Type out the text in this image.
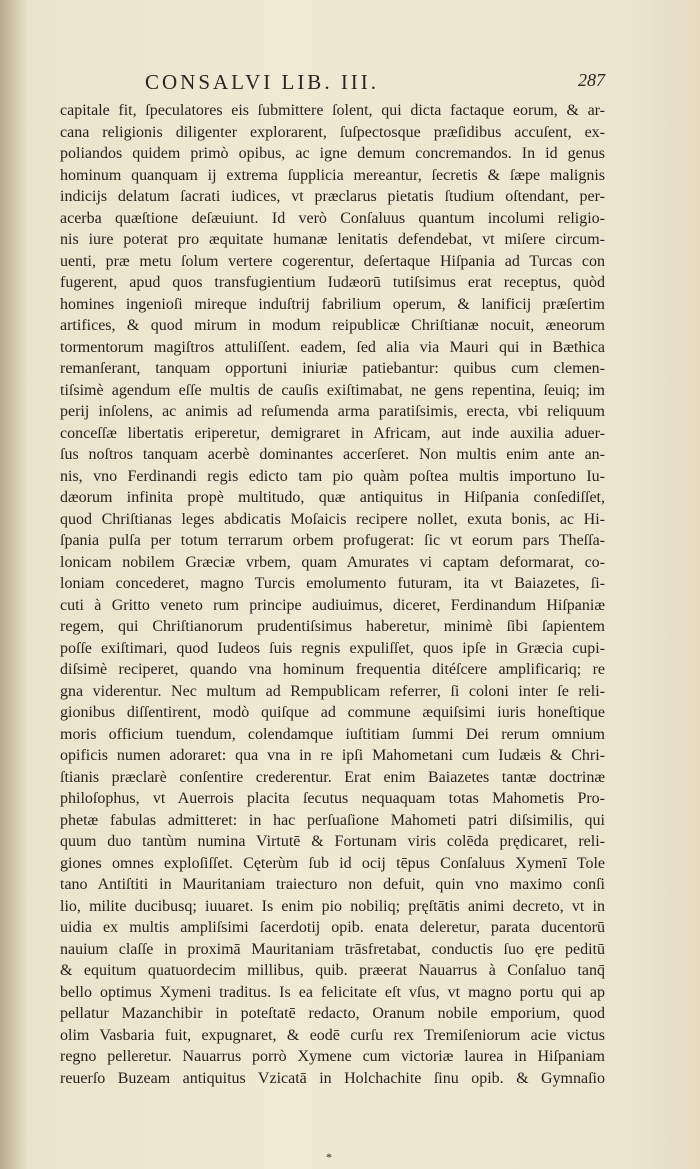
CONSALVI LIB. III.	287
capitale fit, ſpeculatores eis ſubmittere ſolent, qui dicta factaque eorum, & ar-
cana religionis diligenter explorarent, ſuſpectosque præſidibus accuſent, ex-
poliandos quidem primò opibus, ac igne demum concremandos. In id genus
hominum quanquam ij extrema ſupplicia mereantur, ſecretis & ſæpe malignis
indicijs delatum ſacrati iudices, vt præclarus pietatis ſtudium oſtendant, per-
acerba quæſtione deſæuiunt. Id verò Conſaluus quantum incolumi religio-
nis iure poterat pro æquitate humanæ lenitatis defendebat, vt miſere circum-
uenti, præ metu ſolum vertere cogerentur, deſertaque Hiſpania ad Turcas con
fugerent, apud quos transfugientium Iudæorū tutiſsimus erat receptus, quòd
homines ingenioſi mireque induſtrij fabrilium operum, & lanificij præſertim
artifices, & quod mirum in modum reipublicæ Chriſtianæ nocuit, æneorum
tormentorum magiſtros attuliſſent. eadem, ſed alia via Mauri qui in Bæthica
remanſerant, tanquam opportuni iniuriæ patiebantur: quibus cum clemen-
tiſsimè agendum eſſe multis de cauſis exiſtimabat, ne gens repentina, ſeuiq; im
perij inſolens, ac animis ad reſumenda arma paratiſsimis, erecta, vbi reliquum
conceſſæ libertatis eriperetur, demigraret in Africam, aut inde auxilia aduer-
ſus noſtros tanquam acerbè dominantes accerſeret. Non multis enim ante an-
nis, vno Ferdinandi regis edicto tam pio quàm poſtea multis importuno Iu-
dæorum infinita propè multitudo, quæ antiquitus in Hiſpania conſediſſet,
quod Chriſtianas leges abdicatis Moſaicis recipere nollet, exuta bonis, ac Hi-
ſpania pulſa per totum terrarum orbem profugerat: ſic vt eorum pars Theſſa-
lonicam nobilem Græciæ vrbem, quam Amurates vi captam deformarat, co-
loniam concederet, magno Turcis emolumento futuram, ita vt Baiazetes, ſi-
cuti à Gritto veneto rum principe audiuimus, diceret, Ferdinandum Hiſpaniæ
regem, qui Chriſtianorum prudentiſsimus haberetur, minimè ſibi ſapientem
poſſe exiſtimari, quod Iudeos ſuis regnis expuliſſet, quos ipſe in Græcia cupi-
diſsimè reciperet, quando vna hominum frequentia ditéſcere amplificariq; re
gna viderentur. Nec multum ad Rempublicam referrer, ſi coloni inter ſe reli-
gionibus diſſentirent, modò quiſque ad commune æquiſsimi iuris honeſtique
moris officium tuendum, colendamque iuſtitiam ſummi Dei rerum omnium
opificis numen adoraret: qua vna in re ipſi Mahometani cum Iudæis & Chri-
ſtianis præclarè conſentire crederentur. Erat enim Baiazetes tantæ doctrinæ
philoſophus, vt Auerrois placita ſecutus nequaquam totas Mahometis Pro-
phetæ fabulas admitteret: in hac perſuaſione Mahometi patri diſsimilis, qui
quum duo tantùm numina Virtutē & Fortunam viris colēda prędicaret, reli-
giones omnes exploſiſſet. Cęterùm ſub id ocij tēpus Conſaluus Xymenī Tole
tano Antiſtiti in Mauritaniam traiecturo non defuit, quin vno maximo conſi
lio, milite ducibusq; iuuaret. Is enim pio nobiliq; pręſtātis animi decreto, vt in
uidia ex multis ampliſsimi ſacerdotij opib. enata deleretur, parata ducentorū
nauium claſſe in proximā Mauritaniam trāsfretabat, conductis ſuo ęre peditū
& equitum quatuordecim millibus, quib. præerat Nauarrus à Conſaluo tanq̄
bello optimus Xymeni traditus. Is ea felicitate eſt vſus, vt magno portu qui ap
pellatur Mazanchibir in poteſtatē redacto, Oranum nobile emporium, quod
olim Vasbaria fuit, expugnaret, & eodē curſu rex Tremiſeniorum acie victus
regno pelleretur. Nauarrus porrò Xymene cum victoriæ laurea in Hiſpaniam
reuerſo Buzeam antiquitus Vzicatā in Holchachite ſinu opib. & Gymnaſio
*
